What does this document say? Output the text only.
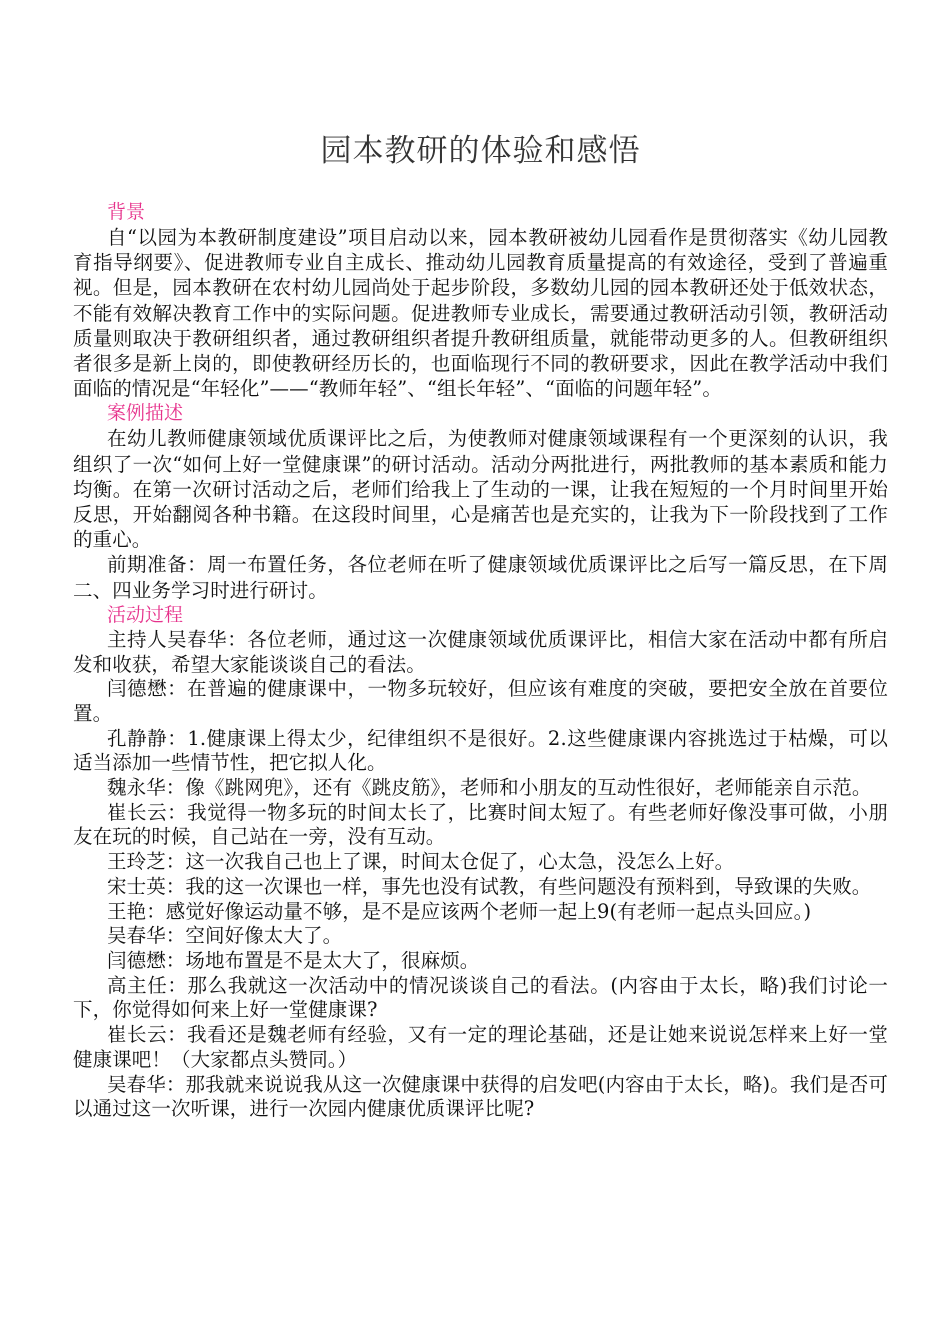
园本教研的体验和感悟

背景

自“以园为本教研制度建设”项目启动以来，园本教研被幼儿园看作是贯彻落实《幼儿园教育指导纲要》、促进教师专业自主成长、推动幼儿园教育质量提高的有效途径，受到了普遍重视。但是，园本教研在农村幼儿园尚处于起步阶段，多数幼儿园的园本教研还处于低效状态，不能有效解决教育工作中的实际问题。促进教师专业成长，需要通过教研活动引领，教研活动质量则取决于教研组织者，通过教研组织者提升教研组质量，就能带动更多的人。但教研组织者很多是新上岗的，即使教研经历长的，也面临现行不同的教研要求，因此在教学活动中我们面临的情况是“年轻化”——“教师年轻”、“组长年轻”、“面临的问题年轻”。

案例描述

在幼儿教师健康领域优质课评比之后，为使教师对健康领域课程有一个更深刻的认识，我组织了一次“如何上好一堂健康课”的研讨活动。活动分两批进行，两批教师的基本素质和能力均衡。在第一次研讨活动之后，老师们给我上了生动的一课，让我在短短的一个月时间里开始反思，开始翻阅各种书籍。在这段时间里，心是痛苦也是充实的，让我为下一阶段找到了工作的重心。

前期准备：周一布置任务，各位老师在听了健康领域优质课评比之后写一篇反思，在下周二、四业务学习时进行研讨。

活动过程

主持人吴春华：各位老师，通过这一次健康领域优质课评比，相信大家在活动中都有所启发和收获，希望大家能谈谈自己的看法。

闫德懋：在普遍的健康课中，一物多玩较好，但应该有难度的突破，要把安全放在首要位置。

孔静静：1.健康课上得太少，纪律组织不是很好。2.这些健康课内容挑选过于枯燥，可以适当添加一些情节性，把它拟人化。

魏永华：像《跳网兜》，还有《跳皮筋》，老师和小朋友的互动性很好，老师能亲自示范。

崔长云：我觉得一物多玩的时间太长了，比赛时间太短了。有些老师好像没事可做，小朋友在玩的时候，自己站在一旁，没有互动。

王玲芝：这一次我自己也上了课，时间太仓促了，心太急，没怎么上好。

宋士英：我的这一次课也一样，事先也没有试教，有些问题没有预料到，导致课的失败。

王艳：感觉好像运动量不够，是不是应该两个老师一起上9(有老师一起点头回应。)

吴春华：空间好像太大了。

闫德懋：场地布置是不是太大了，很麻烦。

高主任：那么我就这一次活动中的情况谈谈自己的看法。(内容由于太长，略)我们讨论一下，你觉得如何来上好一堂健康课?

崔长云：我看还是魏老师有经验，又有一定的理论基础，还是让她来说说怎样来上好一堂健康课吧！（大家都点头赞同。）

吴春华：那我就来说说我从这一次健康课中获得的启发吧(内容由于太长，略)。我们是否可以通过这一次听课，进行一次园内健康优质课评比呢?
